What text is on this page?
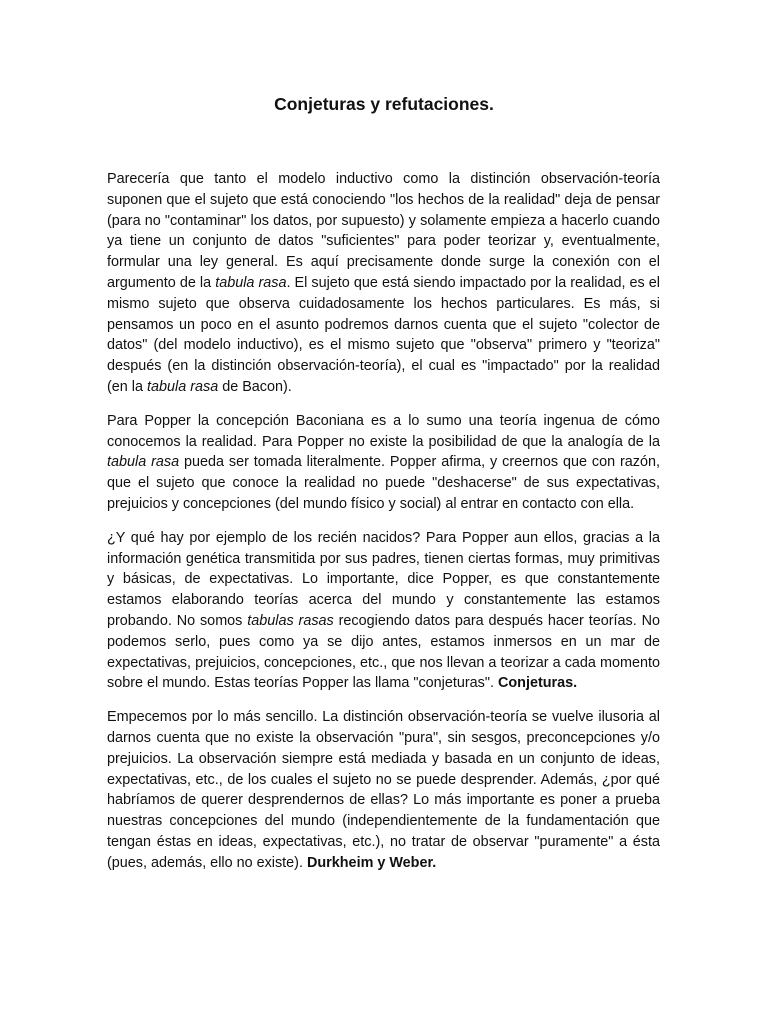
Conjeturas y refutaciones.

Parecería que tanto el modelo inductivo como la distinción observación-teoría suponen que el sujeto que está conociendo "los hechos de la realidad" deja de pensar (para no "contaminar" los datos, por supuesto) y solamente empieza a hacerlo cuando ya tiene un conjunto de datos "suficientes" para poder teorizar y, eventualmente, formular una ley general. Es aquí precisamente donde surge la conexión con el argumento de la tabula rasa. El sujeto que está siendo impactado por la realidad, es el mismo sujeto que observa cuidadosamente los hechos particulares. Es más, si pensamos un poco en el asunto podremos darnos cuenta que el sujeto "colector de datos" (del modelo inductivo), es el mismo sujeto que "observa" primero y "teoriza" después (en la distinción observación-teoría), el cual es "impactado" por la realidad (en la tabula rasa de Bacon).

Para Popper la concepción Baconiana es a lo sumo una teoría ingenua de cómo conocemos la realidad. Para Popper no existe la posibilidad de que la analogía de la tabula rasa pueda ser tomada literalmente. Popper afirma, y creernos que con razón, que el sujeto que conoce la realidad no puede "deshacerse" de sus expectativas, prejuicios y concepciones (del mundo físico y social) al entrar en contacto con ella.

¿Y qué hay por ejemplo de los recién nacidos? Para Popper aun ellos, gracias a la información genética transmitida por sus padres, tienen ciertas formas, muy primitivas y básicas, de expectativas. Lo importante, dice Popper, es que constantemente estamos elaborando teorías acerca del mundo y constantemente las estamos probando. No somos tabulas rasas recogiendo datos para después hacer teorías. No podemos serlo, pues como ya se dijo antes, estamos inmersos en un mar de expectativas, prejuicios, concepciones, etc., que nos llevan a teorizar a cada momento sobre el mundo. Estas teorías Popper las llama "conjeturas". Conjeturas.

Empecemos por lo más sencillo. La distinción observación-teoría se vuelve ilusoria al darnos cuenta que no existe la observación "pura", sin sesgos, preconcepciones y/o prejuicios. La observación siempre está mediada y basada en un conjunto de ideas, expectativas, etc., de los cuales el sujeto no se puede desprender. Además, ¿por qué habríamos de querer desprendernos de ellas? Lo más importante es poner a prueba nuestras concepciones del mundo (independientemente de la fundamentación que tengan éstas en ideas, expectativas, etc.), no tratar de observar "puramente" a ésta (pues, además, ello no existe). Durkheim y Weber.
